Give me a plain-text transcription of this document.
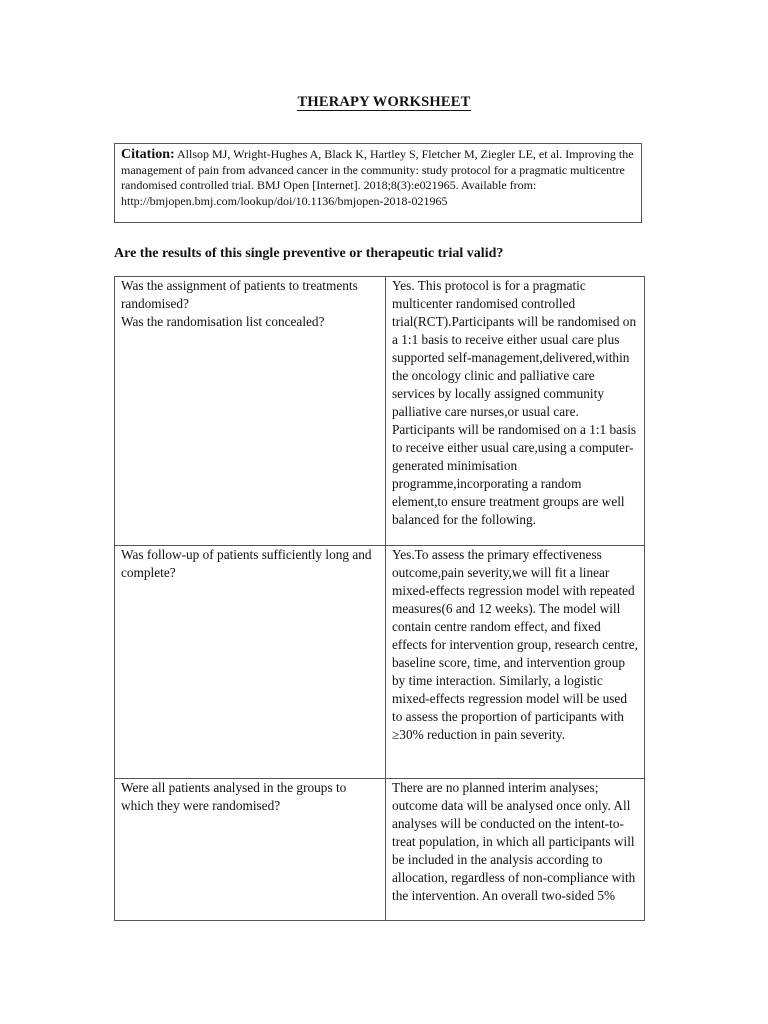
THERAPY WORKSHEET
Citation: Allsop MJ, Wright-Hughes A, Black K, Hartley S, Fletcher M, Ziegler LE, et al. Improving the management of pain from advanced cancer in the community: study protocol for a pragmatic multicentre randomised controlled trial. BMJ Open [Internet]. 2018;8(3):e021965. Available from: http://bmjopen.bmj.com/lookup/doi/10.1136/bmjopen-2018-021965
Are the results of this single preventive or therapeutic trial valid?
Was the assignment of patients to treatments randomised?
Was the randomisation list concealed?	Yes. This protocol is for a pragmatic multicenter randomised controlled trial(RCT).Participants will be randomised on a 1:1 basis to receive either usual care plus supported self-management,delivered,within the oncology clinic and palliative care services by locally assigned community palliative care nurses,or usual care. Participants will be randomised on a 1:1 basis to receive either usual care,using a computer-generated minimisation programme,incorporating a random element,to ensure treatment groups are well balanced for the following.

Was follow-up of patients sufficiently long and complete?	Yes.To assess the primary effectiveness outcome,pain severity,we will fit a linear mixed-effects regression model with repeated measures(6 and 12 weeks). The model will contain centre random effect, and fixed effects for intervention group, research centre, baseline score, time, and intervention group by time interaction. Similarly, a logistic mixed-effects regression model will be used to assess the proportion of participants with ≥30% reduction in pain severity.

Were all patients analysed in the groups to which they were randomised?	There are no planned interim analyses; outcome data will be analysed once only. All analyses will be conducted on the intent-to-treat population, in which all participants will be included in the analysis according to allocation, regardless of non-compliance with the intervention. An overall two-sided 5%
